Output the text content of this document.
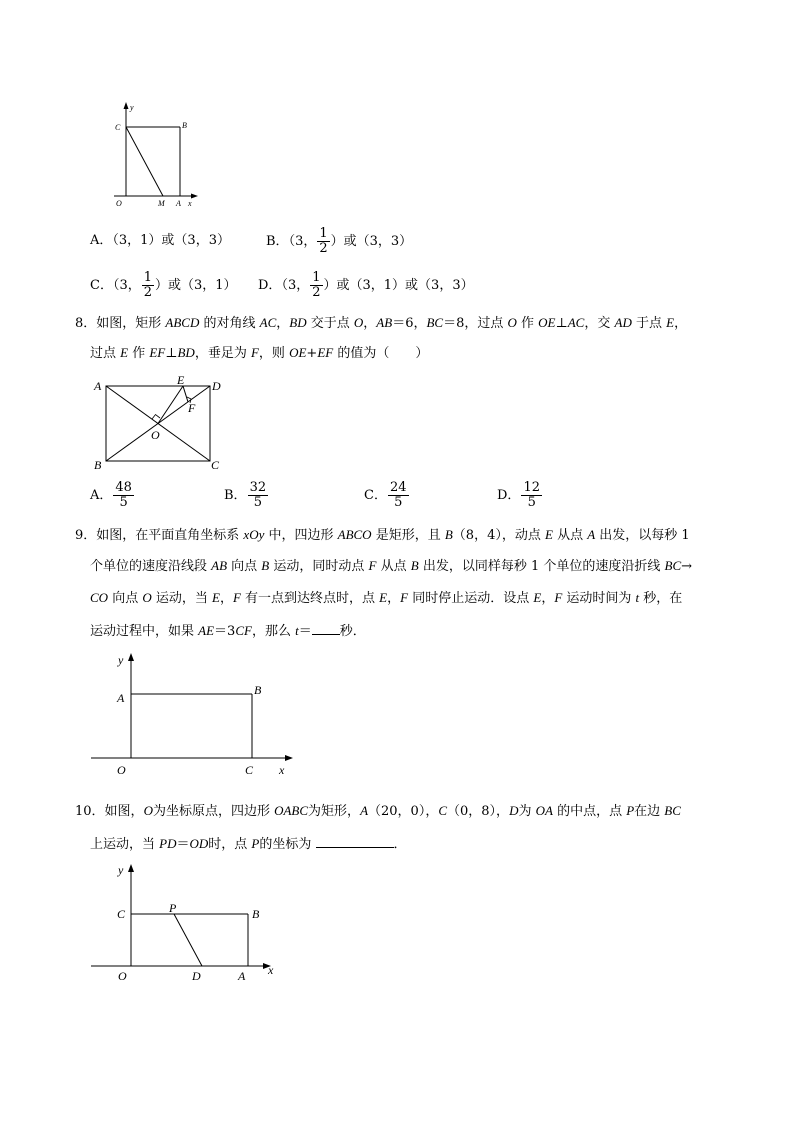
y
C	B
O	M A x
A．（3，1）或（3，3）	B．（3， $\frac{1}{2}$ ）或（3，3）
C．（3， $\frac{1}{2}$ ）或（3，1） D．（3， $\frac{1}{2}$ ）或（3，1）或（3，3）
8．如图，矩形 ABCD 的对角线 AC，BD 交于点 O，AB＝6，BC＝8，过点 O 作 OE⊥AC，交 AD 于点 E，
过点 E 作 EF⊥BD，垂足为 F，则 OE+EF 的值为（　　）
A	E D
F
O
B	C
A． $\frac{48}{5}$	B． $\frac{32}{5}$	C． $\frac{24}{5}$	D． $\frac{12}{5}$
9．如图，在平面直角坐标系 xOy 中，四边形 ABCO 是矩形，且 B（8，4），动点 E 从点 A 出发，以每秒 1
个单位的速度沿线段 AB 向点 B 运动，同时动点 F 从点 B 出发，以同样每秒 1 个单位的速度沿折线 BC→
CO 向点 O 运动，当 E，F 有一点到达终点时，点 E，F 同时停止运动．设点 E，F 运动时间为 t 秒，在
运动过程中，如果 AE＝3CF，那么 t＝ 秒．
y
A
B
O	C x
10．如图，O为坐标原点，四边形 OABC为矩形，A（20，0），C（0，8），D为 OA 的中点，点 P在边 BC
上运动，当 PD＝OD时，点 P的坐标为	．
y
C	P	B
O	D	A x
